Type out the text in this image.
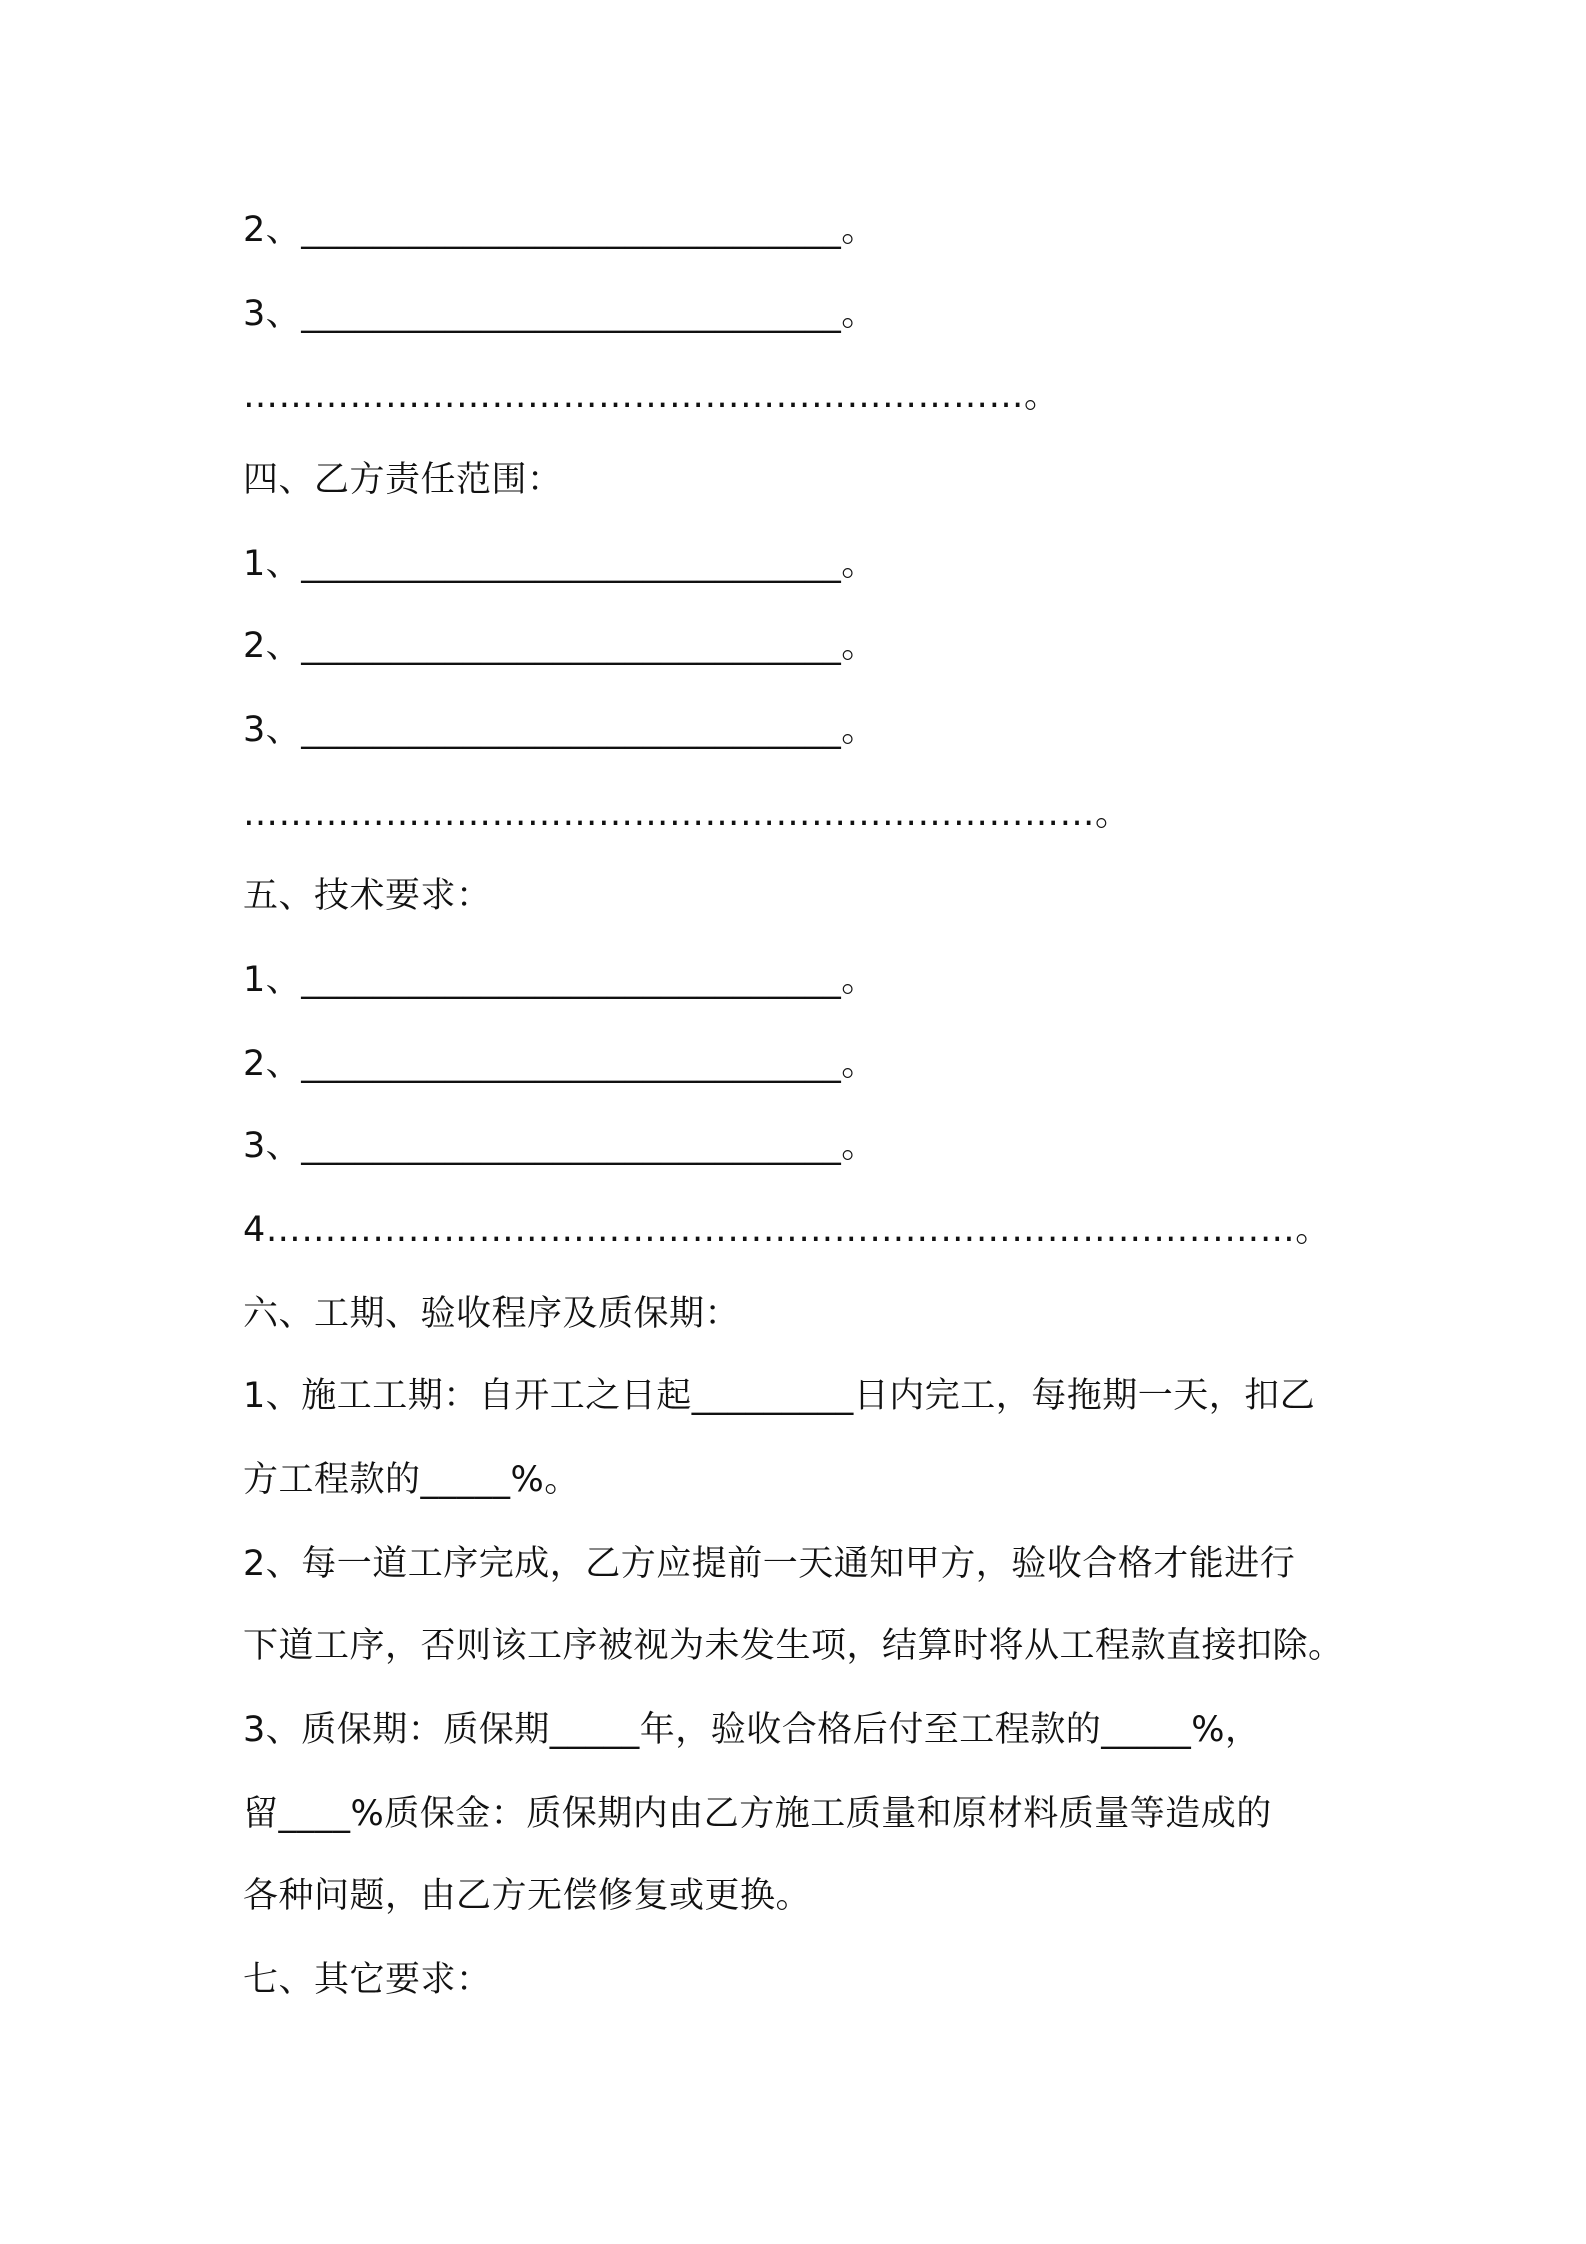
2、______________________________。
3、______________________________。
…………………………………………………………。
四、乙方责任范围：
1、______________________________。
2、______________________________。
3、______________________________。
………………………………………………………………。
五、技术要求：
1、______________________________。
2、______________________________。
3、______________________________。
4……………………………………………………………………………。
六、工期、验收程序及质保期：
1、施工工期：自开工之日起_________日内完工，每拖期一天，扣乙
方工程款的_____%。
2、每一道工序完成，乙方应提前一天通知甲方，验收合格才能进行
下道工序，否则该工序被视为未发生项，结算时将从工程款直接扣除。
3、质保期：质保期_____年，验收合格后付至工程款的_____%，
留____%质保金：质保期内由乙方施工质量和原材料质量等造成的
各种问题，由乙方无偿修复或更换。
七、其它要求：
